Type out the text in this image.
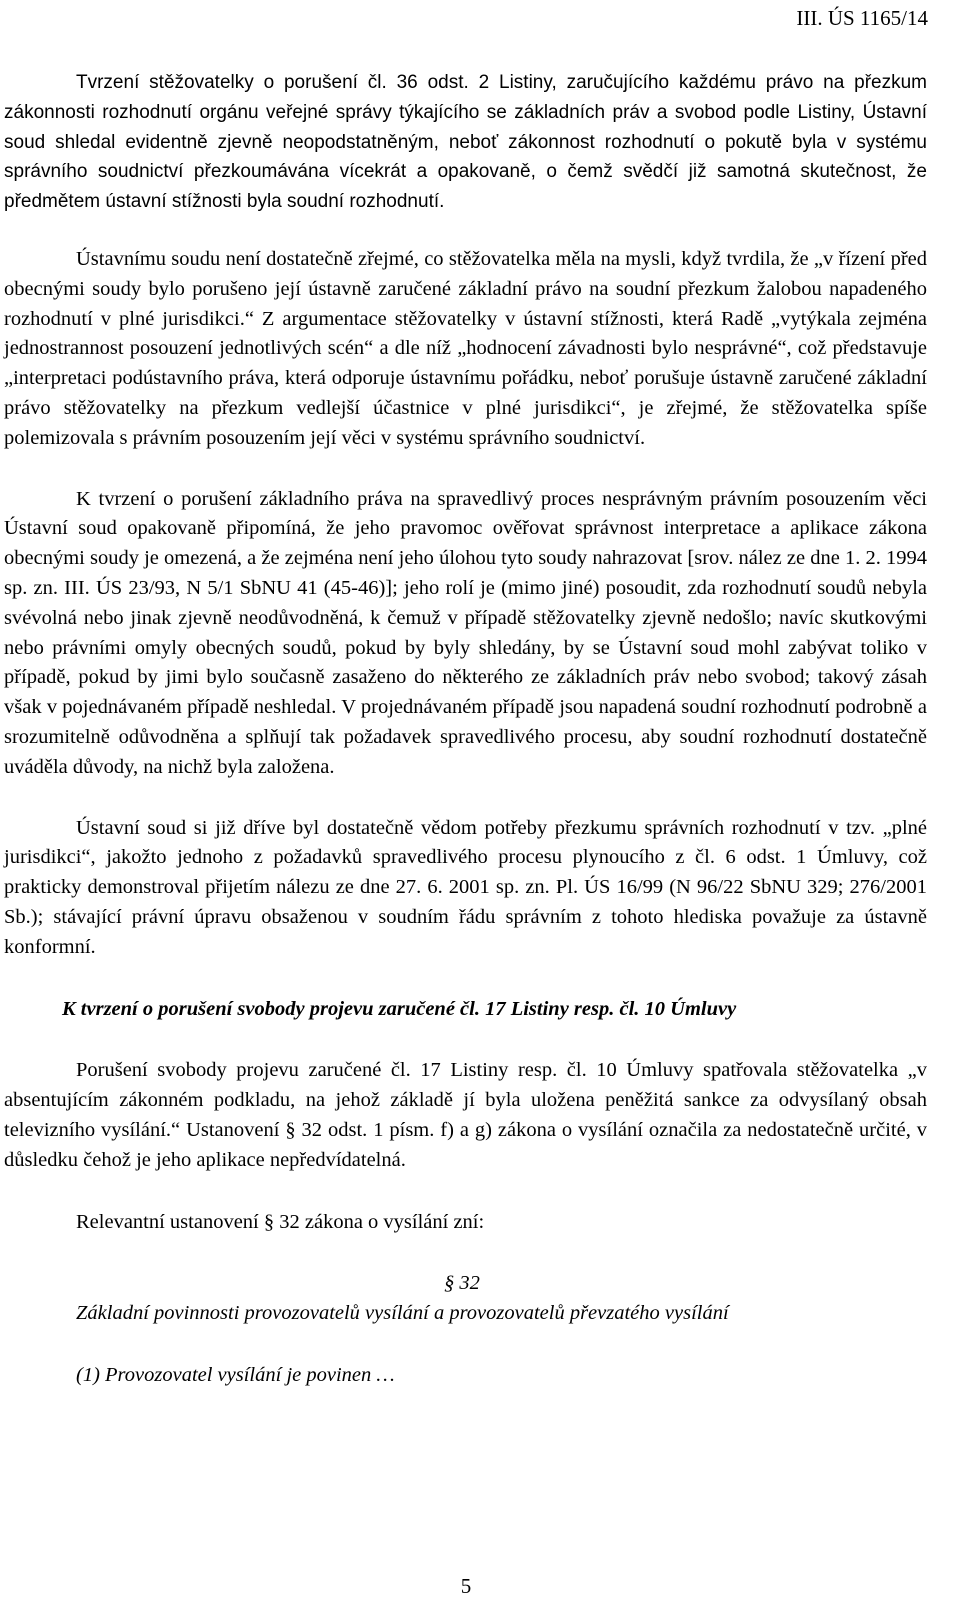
III. ÚS 1165/14

Tvrzení stěžovatelky o porušení čl. 36 odst. 2 Listiny, zaručujícího každému právo na přezkum zákonnosti rozhodnutí orgánu veřejné správy týkajícího se základních práv a svobod podle Listiny, Ústavní soud shledal evidentně zjevně neopodstatněným, neboť zákonnost rozhodnutí o pokutě byla v systému správního soudnictví přezkoumávána vícekrát a opakovaně, o čemž svědčí již samotná skutečnost, že předmětem ústavní stížnosti byla soudní rozhodnutí.

Ústavnímu soudu není dostatečně zřejmé, co stěžovatelka měla na mysli, když tvrdila, že „v řízení před obecnými soudy bylo porušeno její ústavně zaručené základní právo na soudní přezkum žalobou napadeného rozhodnutí v plné jurisdikci.“ Z argumentace stěžovatelky v ústavní stížnosti, která Radě „vytýkala zejména jednostrannost posouzení jednotlivých scén“ a dle níž „hodnocení závadnosti bylo nesprávné“, což představuje „interpretaci podústavního práva, která odporuje ústavnímu pořádku, neboť porušuje ústavně zaručené základní právo stěžovatelky na přezkum vedlejší účastnice v plné jurisdikci“, je zřejmé, že stěžovatelka spíše polemizovala s právním posouzením její věci v systému správního soudnictví.

K tvrzení o porušení základního práva na spravedlivý proces nesprávným právním posouzením věci Ústavní soud opakovaně připomíná, že jeho pravomoc ověřovat správnost interpretace a aplikace zákona obecnými soudy je omezená, a že zejména není jeho úlohou tyto soudy nahrazovat [srov. nález ze dne 1. 2. 1994 sp. zn. III. ÚS 23/93, N 5/1 SbNU 41 (45-46)]; jeho rolí je (mimo jiné) posoudit, zda rozhodnutí soudů nebyla svévolná nebo jinak zjevně neodůvodněná, k čemuž v případě stěžovatelky zjevně nedošlo; navíc skutkovými nebo právními omyly obecných soudů, pokud by byly shledány, by se Ústavní soud mohl zabývat toliko v případě, pokud by jimi bylo současně zasaženo do některého ze základních práv nebo svobod; takový zásah však v pojednávaném případě neshledal. V projednávaném případě jsou napadená soudní rozhodnutí podrobně a srozumitelně odůvodněna a splňují tak požadavek spravedlivého procesu, aby soudní rozhodnutí dostatečně uváděla důvody, na nichž byla založena.

Ústavní soud si již dříve byl dostatečně vědom potřeby přezkumu správních rozhodnutí v tzv. „plné jurisdikci“, jakožto jednoho z požadavků spravedlivého procesu plynoucího z čl. 6 odst. 1 Úmluvy, což prakticky demonstroval přijetím nálezu ze dne 27. 6. 2001 sp. zn. Pl. ÚS 16/99 (N 96/22 SbNU 329; 276/2001 Sb.); stávající právní úpravu obsaženou v soudním řádu správním z tohoto hlediska považuje za ústavně konformní.

K tvrzení o porušení svobody projevu zaručené čl. 17 Listiny resp. čl. 10 Úmluvy

Porušení svobody projevu zaručené čl. 17 Listiny resp. čl. 10 Úmluvy spatřovala stěžovatelka „v absentujícím zákonném podkladu, na jehož základě jí byla uložena peněžitá sankce za odvysílaný obsah televizního vysílání.“ Ustanovení § 32 odst. 1 písm. f) a g) zákona o vysílání označila za nedostatečně určité, v důsledku čehož je jeho aplikace nepředvídatelná.

Relevantní ustanovení § 32 zákona o vysílání zní:

§ 32

Základní povinnosti provozovatelů vysílání a provozovatelů převzatého vysílání

(1) Provozovatel vysílání je povinen …

5
